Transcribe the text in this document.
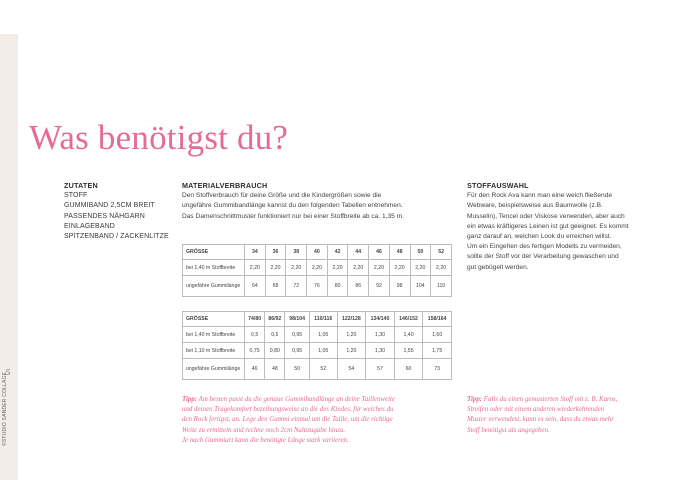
5
©STUDIO SANDER COLLAGE
Was benötigst du?
ZUTATEN
STOFF
GUMMIBAND 2,5CM BREIT
PASSENDES NÄHGARN
EINLAGEBAND
SPITZENBAND / ZACKENLITZE
MATERIALVERBRAUCH

Den Stoffverbrauch für deine Größe und die Kindergrößen sowie die
ungefähre Gummibandlänge kannst du den folgenden Tabellen entnehmen.
Das Damenschnittmuster funktioniert nur bei einer Stoffbreite ab ca. 1,35 m.

GRÖSSE	34	36	38	40	42	44	46	48	50	52
bei 1,40 m Stoffbreite	2,20	2,20	2,20	2,20	2,20	2,20	2,20	2,20	2,20	2,20
ungefähre Gummilänge	64	68	72	76	80	86	92	98	104	110
GRÖSSE	74/80	86/92	98/104	110/116	122/128	134/140	146/152	158/164
bei 1,40 m Stoffbreite	0,5	0,5	0,95	1,05	1,20	1,30	1,40	1,60
bei 1,10 m Stoffbreite	0,75	0,80	0,95	1,05	1,20	1,30	1,55	1,75
ungefähre Gummilänge	46	48	50	52	54	57	60	73
STOFFAUSWAHL

Für den Rock Ava kann man eine weich fließende
Webware, beispielsweise aus Baumwolle (z.B.
Musselin), Tencel oder Viskose verwenden, aber auch
ein etwas kräftigeres Leinen ist gut geeignet. Es kommt
ganz darauf an, welchen Look du erreichen willst.
Um ein Eingehen des fertigen Modells zu vermeiden,
sollte der Stoff vor der Verarbeitung gewaschen und
gut gebügelt werden.

Tipp: Am besten passt du die genaue Gummibandlänge an deine Taillenweite
und deinen Tragekomfort bezeihungsweise an die des Kindes, für welches du
den Rock fertigst, an. Lege den Gummi einmal um die Taille, um die richtige
Weite zu ermitteln und rechne noch 2cm Nahtzugabe hinzu.
Je nach Gummiart kann die benötigte Länge stark variieren.
Tipp: Falls du einen gemusterten Stoff mit z. B. Karos,
Streifen oder mit einem anderen wiederkehrenden
Muster verwendest, kann es sein, dass du etwas mehr
Stoff benötigst als angegeben.
